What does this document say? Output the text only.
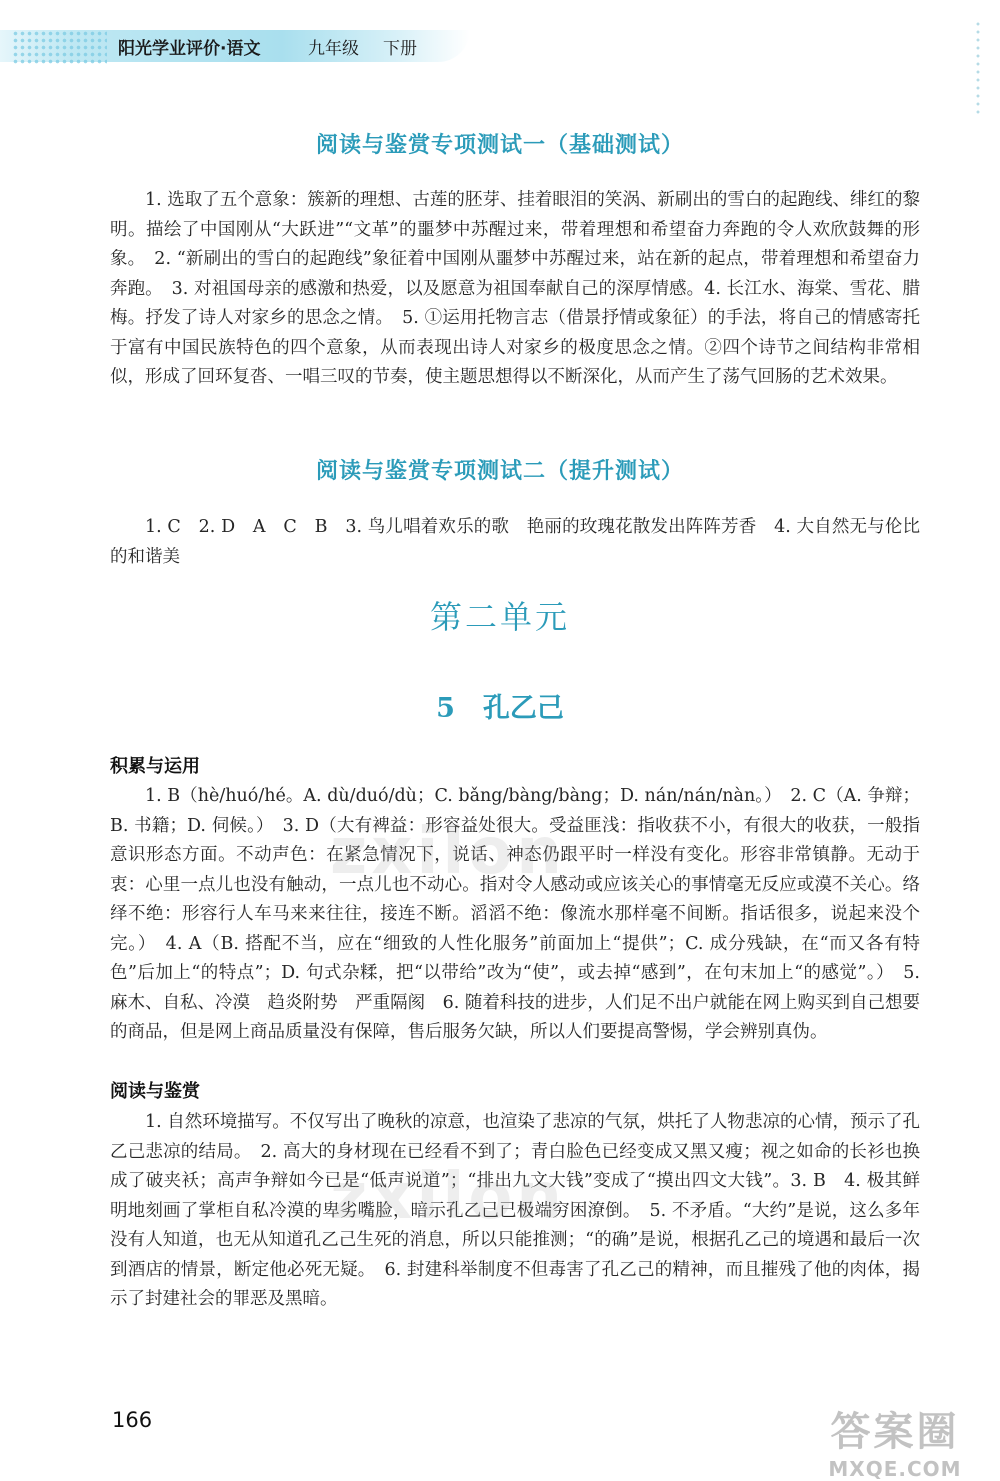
阳光学业评价·语文	九年级 下册
阅读与鉴赏专项测试一（基础测试）

1. 选取了五个意象：簇新的理想、古莲的胚芽、挂着眼泪的笑涡、新刷出的雪白的起跑线、绯红的黎明。描绘了中国刚从“大跃进”“文革”的噩梦中苏醒过来，带着理想和希望奋力奔跑的令人欢欣鼓舞的形象。　2. “新刷出的雪白的起跑线”象征着中国刚从噩梦中苏醒过来，站在新的起点，带着理想和希望奋力奔跑。　3. 对祖国母亲的感激和热爱，以及愿意为祖国奉献自己的深厚情感。4. 长江水、海棠、雪花、腊梅。抒发了诗人对家乡的思念之情。　5. ①运用托物言志（借景抒情或象征）的手法，将自己的情感寄托于富有中国民族特色的四个意象，从而表现出诗人对家乡的极度思念之情。②四个诗节之间结构非常相似，形成了回环复沓、一唱三叹的节奏，使主题思想得以不断深化，从而产生了荡气回肠的艺术效果。

阅读与鉴赏专项测试二（提升测试）

1. C　2. D　A　C　B　3. 鸟儿唱着欢乐的歌　艳丽的玫瑰花散发出阵阵芳香　4. 大自然无与伦比的和谐美

第二单元
5 孔乙己
积累与运用

1. B（hè/huó/hé。A. dù/duó/dù；C. bǎng/bàng/bàng；D. nán/nán/nàn。）　2. C（A. 争辩；B. 书籍；D. 伺候。）　3. D（大有裨益：形容益处很大。受益匪浅：指收获不小，有很大的收获，一般指意识形态方面。不动声色：在紧急情况下，说话、神态仍跟平时一样没有变化。形容非常镇静。无动于衷：心里一点儿也没有触动，一点儿也不动心。指对令人感动或应该关心的事情毫无反应或漠不关心。络绎不绝：形容行人车马来来往往，接连不断。滔滔不绝：像流水那样毫不间断。指话很多，说起来没个完。）　4. A（B. 搭配不当，应在“细致的人性化服务”前面加上“提供”；C. 成分残缺，在“而又各有特色”后加上“的特点”；D. 句式杂糅，把“以带给”改为“使”，或去掉“感到”，在句末加上“的感觉”。）　5. 麻木、自私、冷漠　趋炎附势　严重隔阂　6. 随着科技的进步，人们足不出户就能在网上购买到自己想要的商品，但是网上商品质量没有保障，售后服务欠缺，所以人们要提高警惕，学会辨别真伪。

阅读与鉴赏

1. 自然环境描写。不仅写出了晚秋的凉意，也渲染了悲凉的气氛，烘托了人物悲凉的心情，预示了孔乙己悲凉的结局。　2. 高大的身材现在已经看不到了；青白脸色已经变成又黑又瘦；视之如命的长衫也换成了破夹袄；高声争辩如今已是“低声说道”；“排出九文大钱”变成了“摸出四文大钱”。3. B　4. 极其鲜明地刻画了掌柜自私冷漠的卑劣嘴脸，暗示孔乙己已极端穷困潦倒。　5. 不矛盾。“大约”是说，这么多年没有人知道，也无从知道孔乙己生死的消息，所以只能推测；“的确”是说，根据孔乙己的境遇和最后一次到酒店的情景，断定他必死无疑。　6. 封建科举制度不但毒害了孔乙己的精神，而且摧残了他的肉体，揭示了封建社会的罪恶及黑暗。

166
zxilon
zxilon
答案圈
MXQE.COM
